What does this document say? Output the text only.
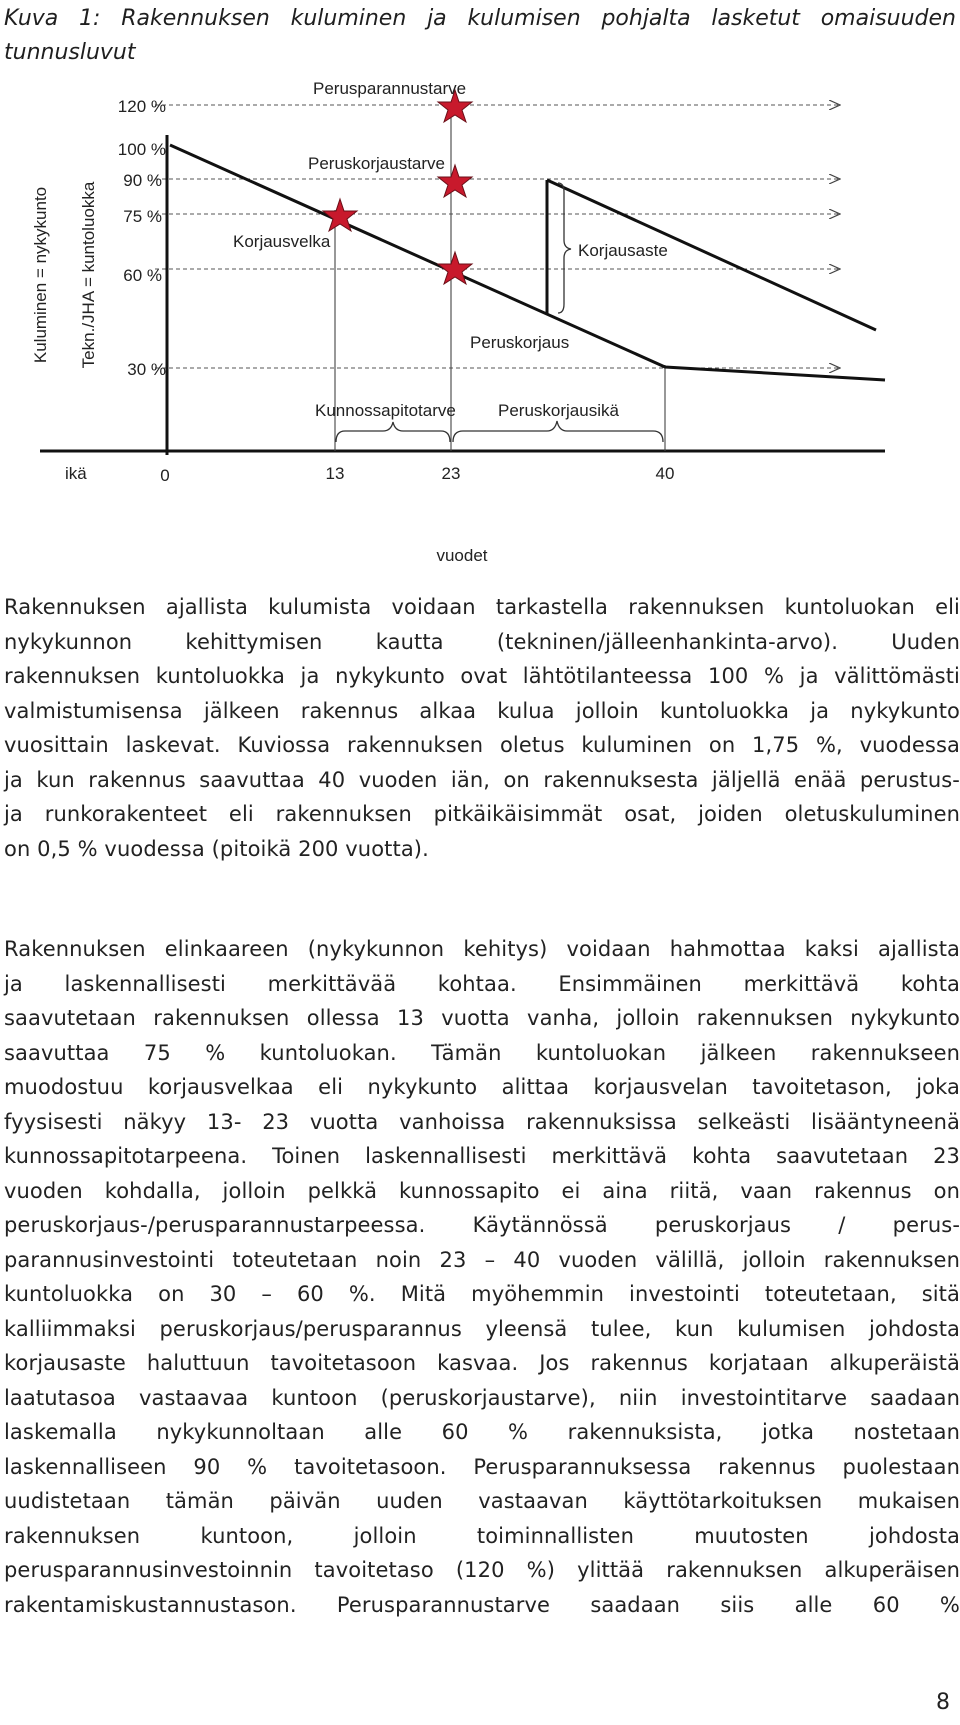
Kuva 1: Rakennuksen kuluminen ja kulumisen pohjalta lasketut omaisuuden
tunnusluvut
Kuluminen = nykykunto Tekn./JHA = kuntoluokka
120 %
100 %
90 %
75 %
60 %
30 %
Perusparannustarve
Peruskorjaustarve
Korjausvelka	Korjausaste
Peruskorjaus
Kunnossapitotarve Peruskorjausikä
ikä	0	13	23	40
vuodet
Rakennuksen ajallista kulumista voidaan tarkastella rakennuksen kuntoluokan eli
nykykunnon kehittymisen kautta (tekninen/jälleenhankinta-arvo). Uuden
rakennuksen kuntoluokka ja nykykunto ovat lähtötilanteessa 100 % ja välittömästi
valmistumisensa jälkeen rakennus alkaa kulua jolloin kuntoluokka ja nykykunto
vuosittain laskevat. Kuviossa rakennuksen oletus kuluminen on 1,75 %, vuodessa
ja kun rakennus saavuttaa 40 vuoden iän, on rakennuksesta jäljellä enää perustus-
ja runkorakenteet eli rakennuksen pitkäikäisimmät osat, joiden oletuskuluminen
on 0,5 % vuodessa (pitoikä 200 vuotta).
Rakennuksen elinkaareen (nykykunnon kehitys) voidaan hahmottaa kaksi ajallista
ja laskennallisesti merkittävää kohtaa. Ensimmäinen merkittävä kohta
saavutetaan rakennuksen ollessa 13 vuotta vanha, jolloin rakennuksen nykykunto
saavuttaa 75 % kuntoluokan. Tämän kuntoluokan jälkeen rakennukseen
muodostuu korjausvelkaa eli nykykunto alittaa korjausvelan tavoitetason, joka
fyysisesti näkyy 13- 23 vuotta vanhoissa rakennuksissa selkeästi lisääntyneenä
kunnossapitotarpeena. Toinen laskennallisesti merkittävä kohta saavutetaan 23
vuoden kohdalla, jolloin pelkkä kunnossapito ei aina riitä, vaan rakennus on
peruskorjaus-/perusparannustarpeessa. Käytännössä peruskorjaus / perus-
parannusinvestointi toteutetaan noin 23 – 40 vuoden välillä, jolloin rakennuksen
kuntoluokka on 30 – 60 %. Mitä myöhemmin investointi toteutetaan, sitä
kalliimmaksi peruskorjaus/perusparannus yleensä tulee, kun kulumisen johdosta
korjausaste haluttuun tavoitetasoon kasvaa. Jos rakennus korjataan alkuperäistä
laatutasoa vastaavaa kuntoon (peruskorjaustarve), niin investointitarve saadaan
laskemalla nykykunnoltaan alle 60 % rakennuksista, jotka nostetaan
laskennalliseen 90 % tavoitetasoon. Perusparannuksessa rakennus puolestaan
uudistetaan tämän päivän uuden vastaavan käyttötarkoituksen mukaisen
rakennuksen kuntoon, jolloin toiminnallisten muutosten johdosta
perusparannusinvestoinnin tavoitetaso (120 %) ylittää rakennuksen alkuperäisen
rakentamiskustannustason. Perusparannustarve saadaan siis alle 60 %
8
